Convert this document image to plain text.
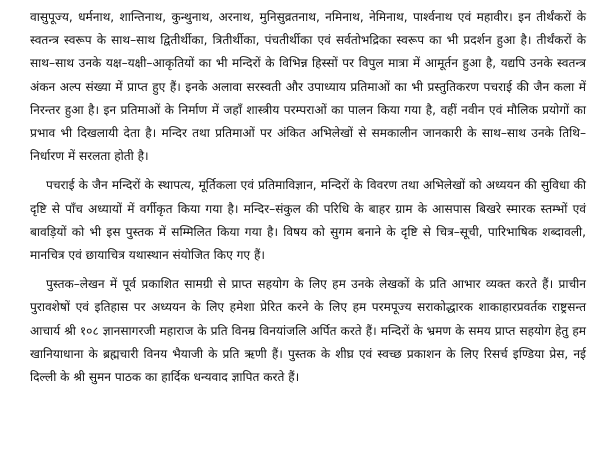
वासुपूज्य, धर्मनाथ, शान्तिनाथ, कुन्थुनाथ, अरनाथ, मुनिसुव्रतनाथ, नमिनाथ, नेमिनाथ, पार्श्वनाथ एवं महावीर। इन तीर्थंकरों के स्वतन्त्र स्वरूप के साथ–साथ द्वितीर्थीका, त्रितीर्थीका, पंचतीर्थीका एवं सर्वतोभद्रिका स्वरूप का भी प्रदर्शन हुआ है। तीर्थंकरों के साथ–साथ उनके यक्ष–यक्षी–आकृतियों का भी मन्दिरों के विभिन्न हिस्सों पर विपुल मात्रा में आमूर्तन हुआ है, यद्यपि उनके स्वतन्त्र अंकन अल्प संख्या में प्राप्त हुए हैं। इनके अलावा सरस्वती और उपाध्याय प्रतिमाओं का भी प्रस्तुतिकरण पचराई की जैन कला में निरन्तर हुआ है। इन प्रतिमाओं के निर्माण में जहाँ शास्त्रीय परम्पराओं का पालन किया गया है, वहीं नवीन एवं मौलिक प्रयोगों का प्रभाव भी दिखलायी देता है। मन्दिर तथा प्रतिमाओं पर अंकित अभिलेखों से समकालीन जानकारी के साथ–साथ उनके तिथि–निर्धारण में सरलता होती है।

पचराई के जैन मन्दिरों के स्थापत्य, मूर्तिकला एवं प्रतिमाविज्ञान, मन्दिरों के विवरण तथा अभिलेखों को अध्ययन की सुविधा की दृष्टि से पाँच अध्यायों में वर्गीकृत किया गया है। मन्दिर–संकुल की परिधि के बाहर ग्राम के आसपास बिखरे स्मारक स्तम्भों एवं बावड़ियों को भी इस पुस्तक में सम्मिलित किया गया है। विषय को सुगम बनाने के दृष्टि से चित्र–सूची, पारिभाषिक शब्दावली, मानचित्र एवं छायाचित्र यथास्थान संयोजित किए गए हैं।

पुस्तक–लेखन में पूर्व प्रकाशित सामग्री से प्राप्त सहयोग के लिए हम उनके लेखकों के प्रति आभार व्यक्त करते हैं। प्राचीन पुरावशेषों एवं इतिहास पर अध्ययन के लिए हमेशा प्रेरित करने के लिए हम परमपूज्य सराकोद्धारक शाकाहारप्रवर्तक राष्ट्रसन्त आचार्य श्री १०८ ज्ञानसागरजी महाराज के प्रति विनम्र विनयांजलि अर्पित करते हैं। मन्दिरों के भ्रमण के समय प्राप्त सहयोग हेतु हम खानियाधाना के ब्रह्मचारी विनय भैयाजी के प्रति ऋणी हैं। पुस्तक के शीघ्र एवं स्वच्छ प्रकाशन के लिए रिसर्च इण्डिया प्रेस, नई दिल्ली के श्री सुमन पाठक का हार्दिक धन्यवाद ज्ञापित करते हैं।
